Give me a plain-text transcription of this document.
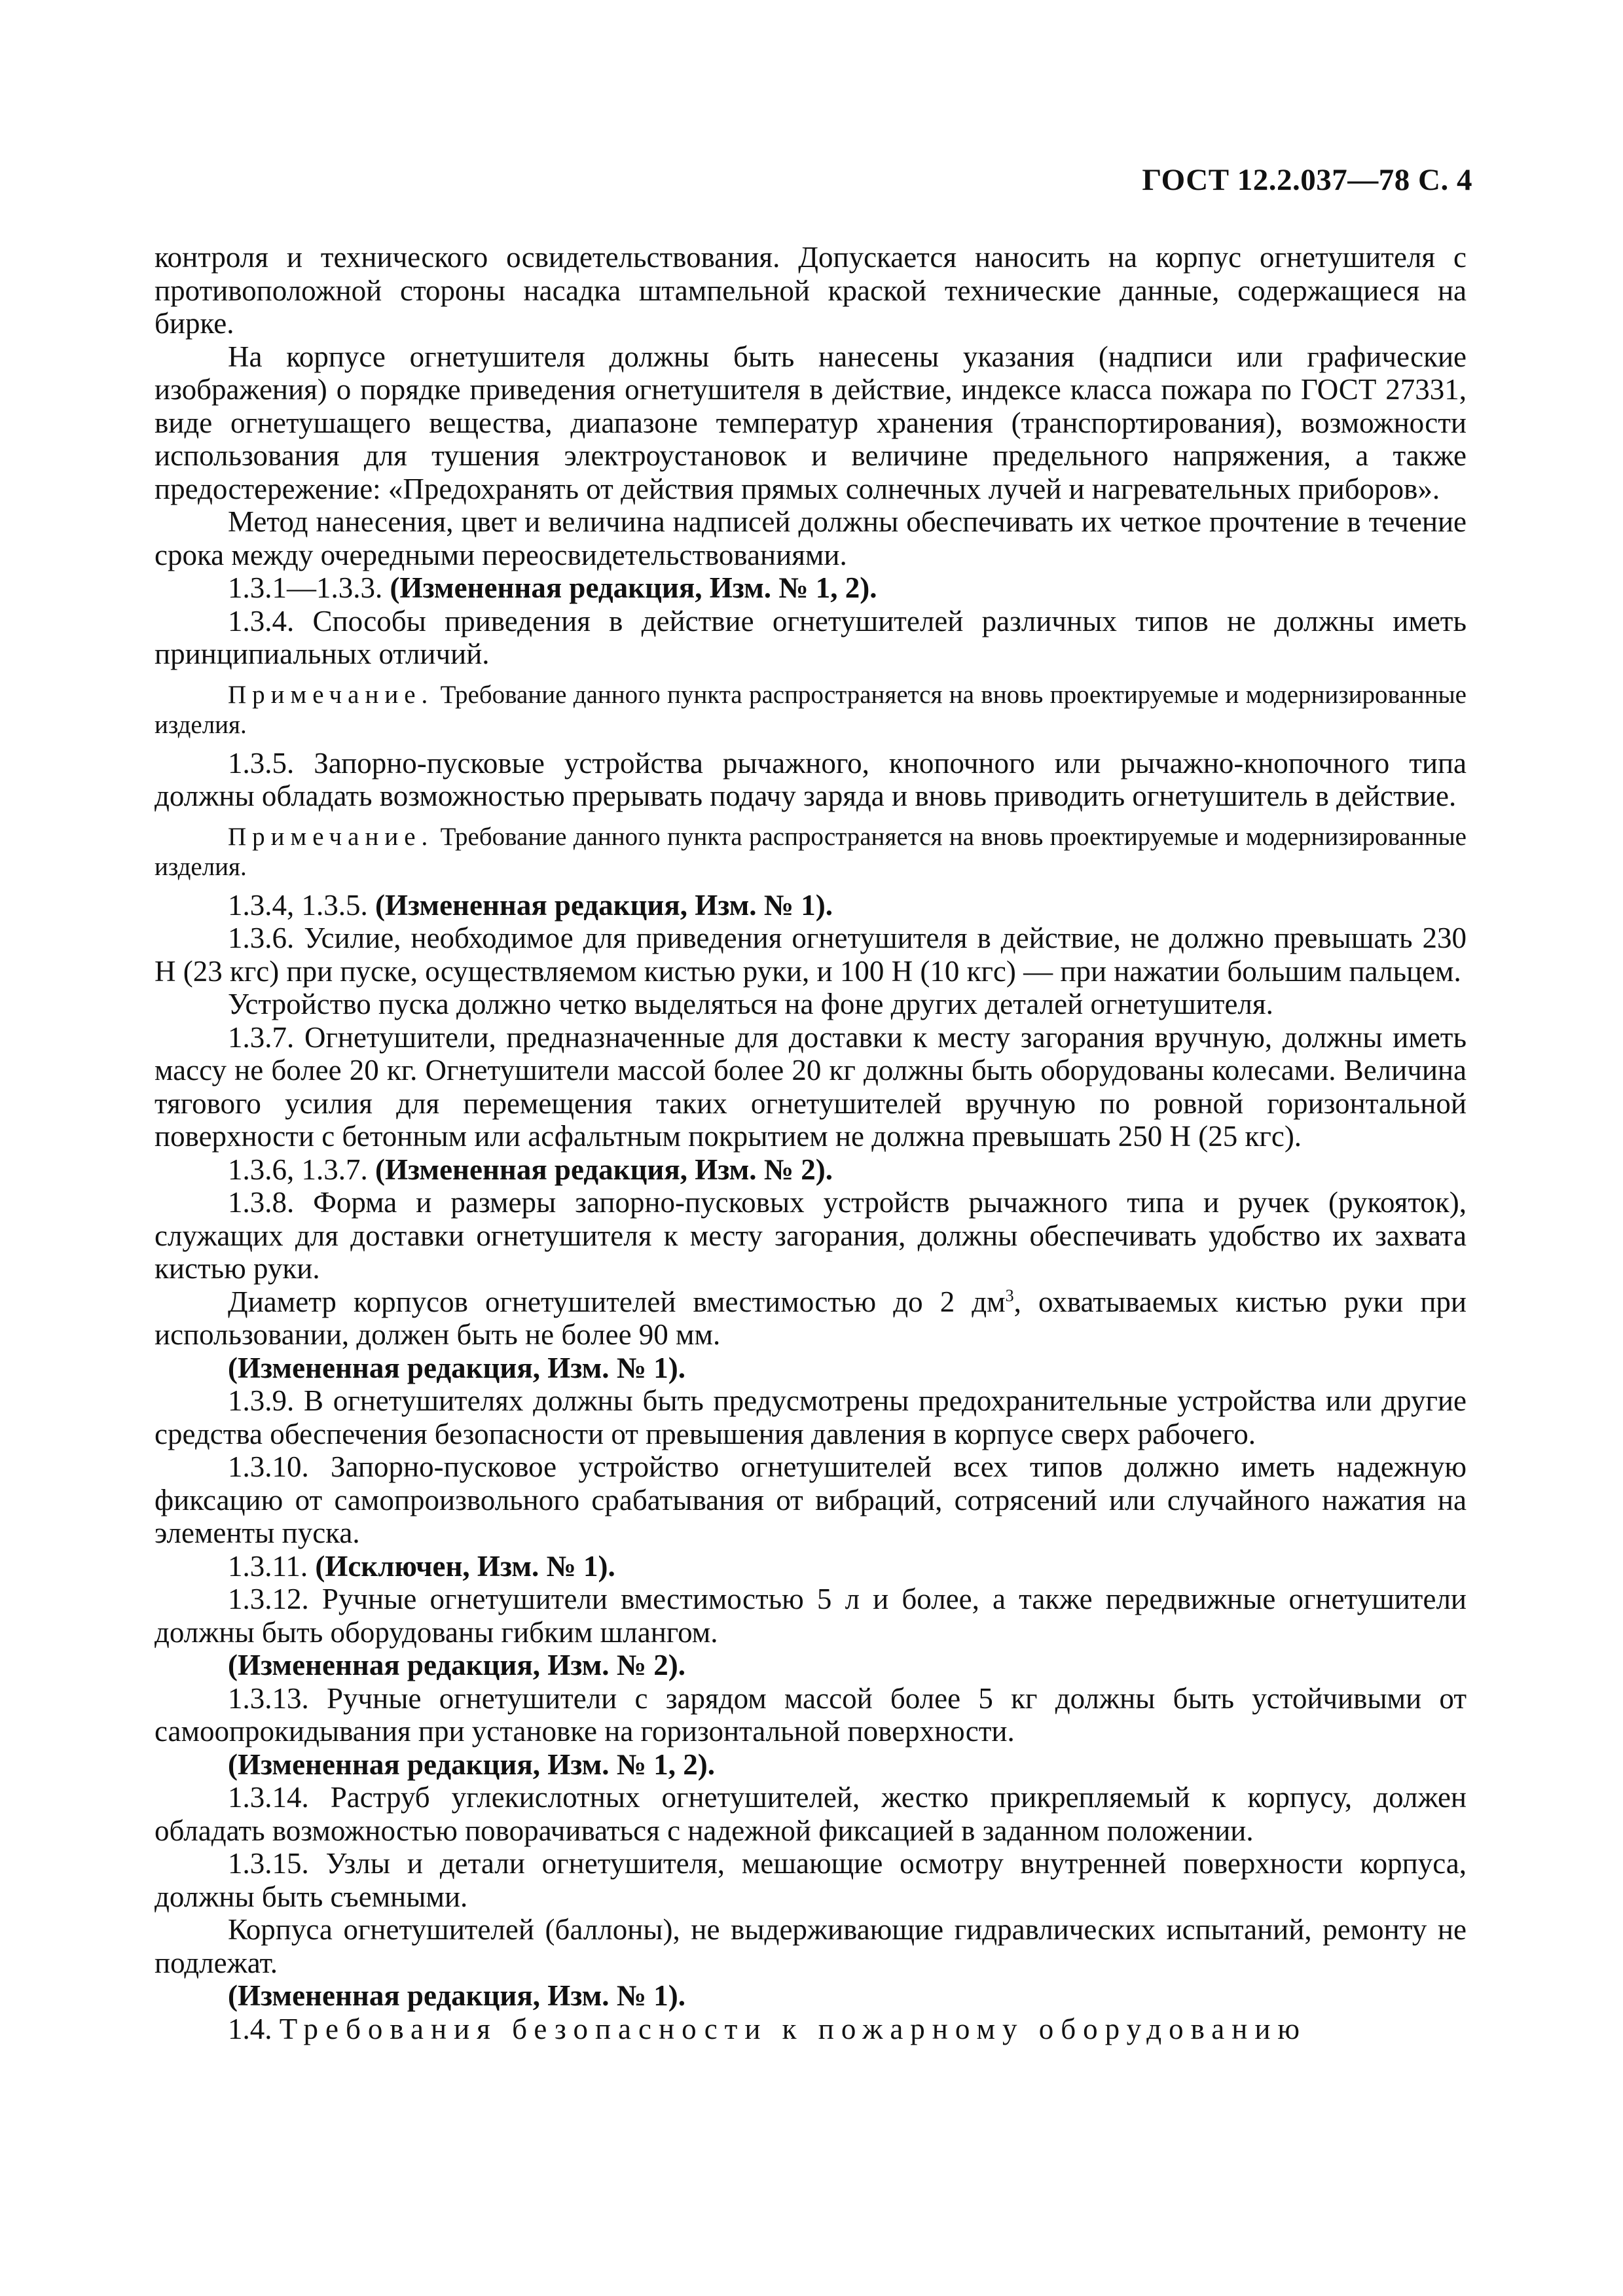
ГОСТ 12.2.037—78 С. 4

контроля и технического освидетельствования. Допускается наносить на корпус огнетушителя с противоположной стороны насадка штампельной краской технические данные, содержащиеся на бирке.

На корпусе огнетушителя должны быть нанесены указания (надписи или графические изображения) о порядке приведения огнетушителя в действие, индексе класса пожара по ГОСТ 27331, виде огнетушащего вещества, диапазоне температур хранения (транспортирования), возможности использования для тушения электроустановок и величине предельного напряжения, а также предостережение: «Предохранять от действия прямых солнечных лучей и нагревательных приборов».

Метод нанесения, цвет и величина надписей должны обеспечивать их четкое прочтение в течение срока между очередными переосвидетельствованиями.

1.3.1—1.3.3. (Измененная редакция, Изм. № 1, 2).

1.3.4. Способы приведения в действие огнетушителей различных типов не должны иметь принципиальных отличий.

Примечание. Требование данного пункта распространяется на вновь проектируемые и модернизированные изделия.

1.3.5. Запорно-пусковые устройства рычажного, кнопочного или рычажно-кнопочного типа должны обладать возможностью прерывать подачу заряда и вновь приводить огнетушитель в действие.

Примечание. Требование данного пункта распространяется на вновь проектируемые и модернизированные изделия.

1.3.4, 1.3.5. (Измененная редакция, Изм. № 1).

1.3.6. Усилие, необходимое для приведения огнетушителя в действие, не должно превышать 230 Н (23 кгс) при пуске, осуществляемом кистью руки, и 100 Н (10 кгс) — при нажатии большим пальцем.

Устройство пуска должно четко выделяться на фоне других деталей огнетушителя.

1.3.7. Огнетушители, предназначенные для доставки к месту загорания вручную, должны иметь массу не более 20 кг. Огнетушители массой более 20 кг должны быть оборудованы колесами. Величина тягового усилия для перемещения таких огнетушителей вручную по ровной горизонтальной поверхности с бетонным или асфальтным покрытием не должна превышать 250 Н (25 кгс).

1.3.6, 1.3.7. (Измененная редакция, Изм. № 2).

1.3.8. Форма и размеры запорно-пусковых устройств рычажного типа и ручек (рукояток), служащих для доставки огнетушителя к месту загорания, должны обеспечивать удобство их захвата кистью руки.

Диаметр корпусов огнетушителей вместимостью до 2 $дм^3$, охватываемых кистью руки при использовании, должен быть не более 90 мм.

(Измененная редакция, Изм. № 1).

1.3.9. В огнетушителях должны быть предусмотрены предохранительные устройства или другие средства обеспечения безопасности от превышения давления в корпусе сверх рабочего.

1.3.10. Запорно-пусковое устройство огнетушителей всех типов должно иметь надежную фиксацию от самопроизвольного срабатывания от вибраций, сотрясений или случайного нажатия на элементы пуска.

1.3.11. (Исключен, Изм. № 1).

1.3.12. Ручные огнетушители вместимостью 5 л и более, а также передвижные огнетушители должны быть оборудованы гибким шлангом.

(Измененная редакция, Изм. № 2).

1.3.13. Ручные огнетушители с зарядом массой более 5 кг должны быть устойчивыми от самоопрокидывания при установке на горизонтальной поверхности.

(Измененная редакция, Изм. № 1, 2).

1.3.14. Раструб углекислотных огнетушителей, жестко прикрепляемый к корпусу, должен обладать возможностью поворачиваться с надежной фиксацией в заданном положении.

1.3.15. Узлы и детали огнетушителя, мешающие осмотру внутренней поверхности корпуса, должны быть съемными.

Корпуса огнетушителей (баллоны), не выдерживающие гидравлических испытаний, ремонту не подлежат.

(Измененная редакция, Изм. № 1).

1.4. Требования безопасности к пожарному оборудованию
